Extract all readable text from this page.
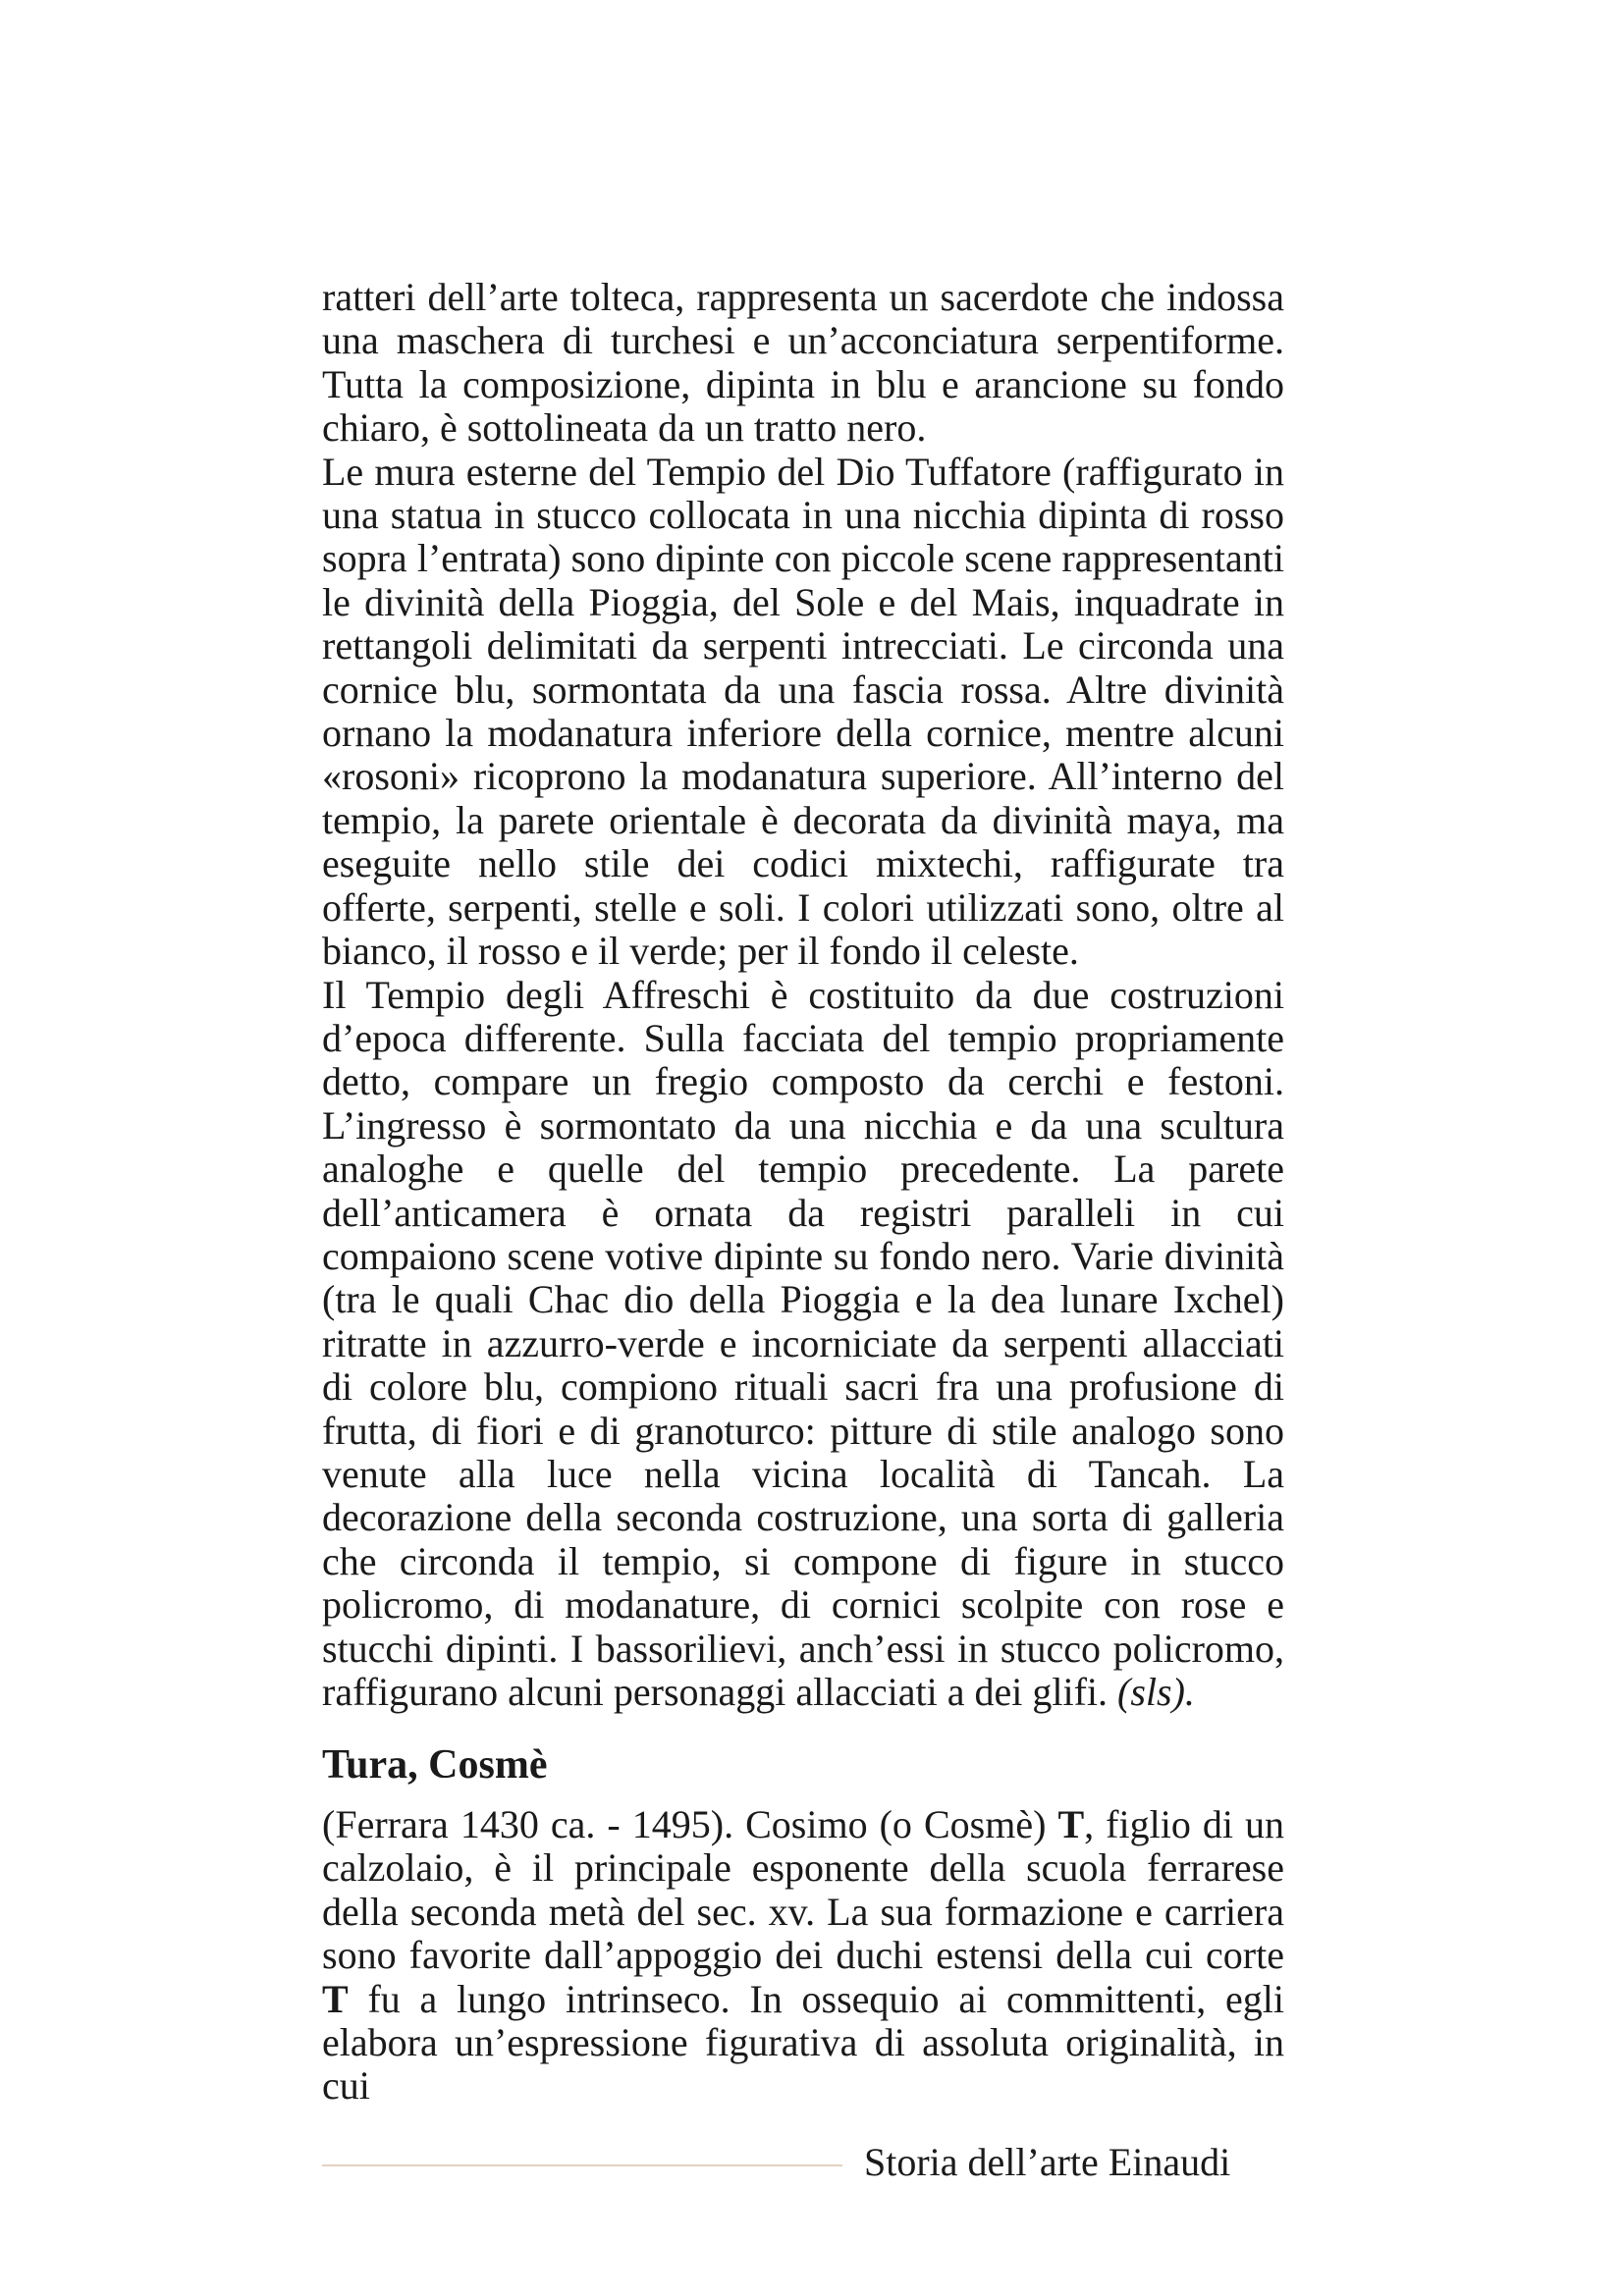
ratteri dell’arte tolteca, rappresenta un sacerdote che indossa una maschera di turchesi e un’acconciatura serpentiforme. Tutta la composizione, dipinta in blu e arancione su fondo chiaro, è sottolineata da un tratto nero.

Le mura esterne del Tempio del Dio Tuffatore (raffigurato in una statua in stucco collocata in una nicchia dipinta di rosso sopra l’entrata) sono dipinte con piccole scene rappresentanti le divinità della Pioggia, del Sole e del Mais, inquadrate in rettangoli delimitati da serpenti intrecciati. Le circonda una cornice blu, sormontata da una fascia rossa. Altre divinità ornano la modanatura inferiore della cornice, mentre alcuni «rosoni» ricoprono la modanatura superiore. All’interno del tempio, la parete orientale è decorata da divinità maya, ma eseguite nello stile dei codici mixtechi, raffigurate tra offerte, serpenti, stelle e soli. I colori utilizzati sono, oltre al bianco, il rosso e il verde; per il fondo il celeste.

Il Tempio degli Affreschi è costituito da due costruzioni d’epoca differente. Sulla facciata del tempio propriamente detto, compare un fregio composto da cerchi e festoni. L’ingresso è sormontato da una nicchia e da una scultura analoghe e quelle del tempio precedente. La parete dell’anticamera è ornata da registri paralleli in cui compaiono scene votive dipinte su fondo nero. Varie divinità (tra le quali Chac dio della Pioggia e la dea lunare Ixchel) ritratte in azzurro-verde e incorniciate da serpenti allacciati di colore blu, compiono rituali sacri fra una profusione di frutta, di fiori e di granoturco: pitture di stile analogo sono venute alla luce nella vicina località di Tancah. La decorazione della seconda costruzione, una sorta di galleria che circonda il tempio, si compone di figure in stucco policromo, di modanature, di cornici scolpite con rose e stucchi dipinti. I bassorilievi, anch’essi in stucco policromo, raffigurano alcuni personaggi allacciati a dei glifi. (sls).

Tura, Cosmè

(Ferrara 1430 ca. - 1495). Cosimo (o Cosmè) T, figlio di un calzolaio, è il principale esponente della scuola ferrarese della seconda metà del sec. xv. La sua formazione e carriera sono favorite dall’appoggio dei duchi estensi della cui corte T fu a lungo intrinseco. In ossequio ai committenti, egli elabora un’espressione figurativa di assoluta originalità, in cui

Storia dell’arte Einaudi
